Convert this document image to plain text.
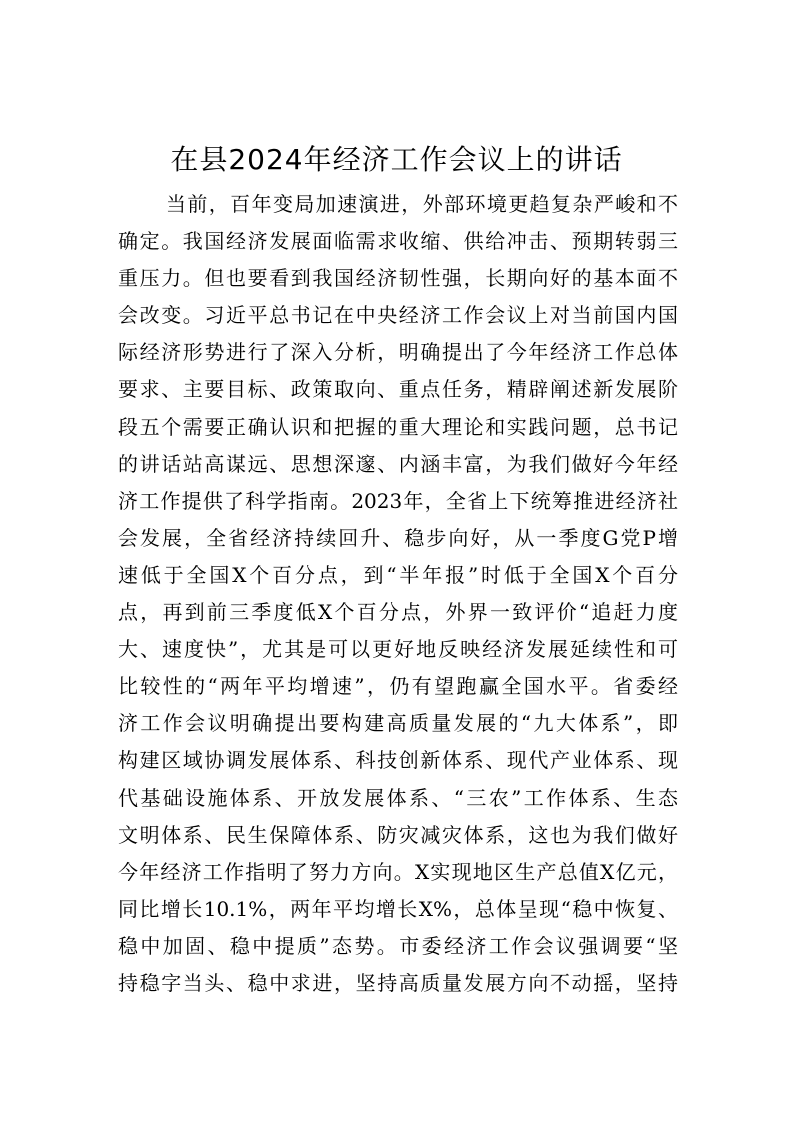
在县2024年经济工作会议上的讲话
当前，百年变局加速演进，外部环境更趋复杂严峻和不
确定。我国经济发展面临需求收缩、供给冲击、预期转弱三
重压力。但也要看到我国经济韧性强，长期向好的基本面不
会改变。习近平总书记在中央经济工作会议上对当前国内国
际经济形势进行了深入分析，明确提出了今年经济工作总体
要求、主要目标、政策取向、重点任务，精辟阐述新发展阶
段五个需要正确认识和把握的重大理论和实践问题，总书记
的讲话站高谋远、思想深邃、内涵丰富，为我们做好今年经
济工作提供了科学指南。2023年，全省上下统筹推进经济社
会发展，全省经济持续回升、稳步向好，从一季度G党P增
速低于全国X个百分点，到“半年报”时低于全国X个百分
点，再到前三季度低X个百分点，外界一致评价“追赶力度
大、速度快”，尤其是可以更好地反映经济发展延续性和可
比较性的“两年平均增速”，仍有望跑赢全国水平。省委经
济工作会议明确提出要构建高质量发展的“九大体系”，即
构建区域协调发展体系、科技创新体系、现代产业体系、现
代基础设施体系、开放发展体系、“三农”工作体系、生态
文明体系、民生保障体系、防灾减灾体系，这也为我们做好
今年经济工作指明了努力方向。X实现地区生产总值X亿元，
同比增长10.1%，两年平均增长X%，总体呈现“稳中恢复、
稳中加固、稳中提质”态势。市委经济工作会议强调要“坚
持稳字当头、稳中求进，坚持高质量发展方向不动摇，坚持
